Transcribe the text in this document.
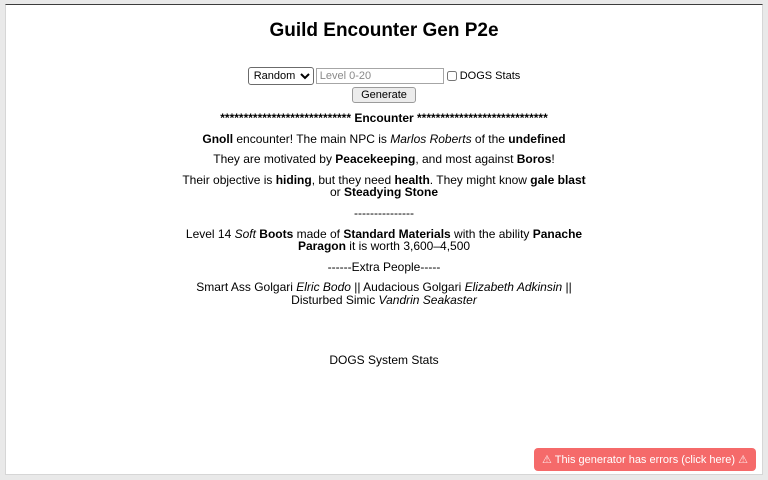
Guild Encounter Gen P2e
Random
Level 0-20
DOGS Stats
Generate

**************************** Encounter ****************************

Gnoll encounter! The main NPC is Marlos Roberts of the undefined

They are motivated by Peacekeeping, and most against Boros!

Their objective is hiding, but they need health. They might know gale blast or Steadying Stone

---------------

Level 14 Soft Boots made of Standard Materials with the ability Panache Paragon it is worth 3,600–4,500

------Extra People-----

Smart Ass Golgari Elric Bodo || Audacious Golgari Elizabeth Adkinsin || Disturbed Simic Vandrin Seakaster

DOGS System Stats
⚠ This generator has errors (click here) ⚠
